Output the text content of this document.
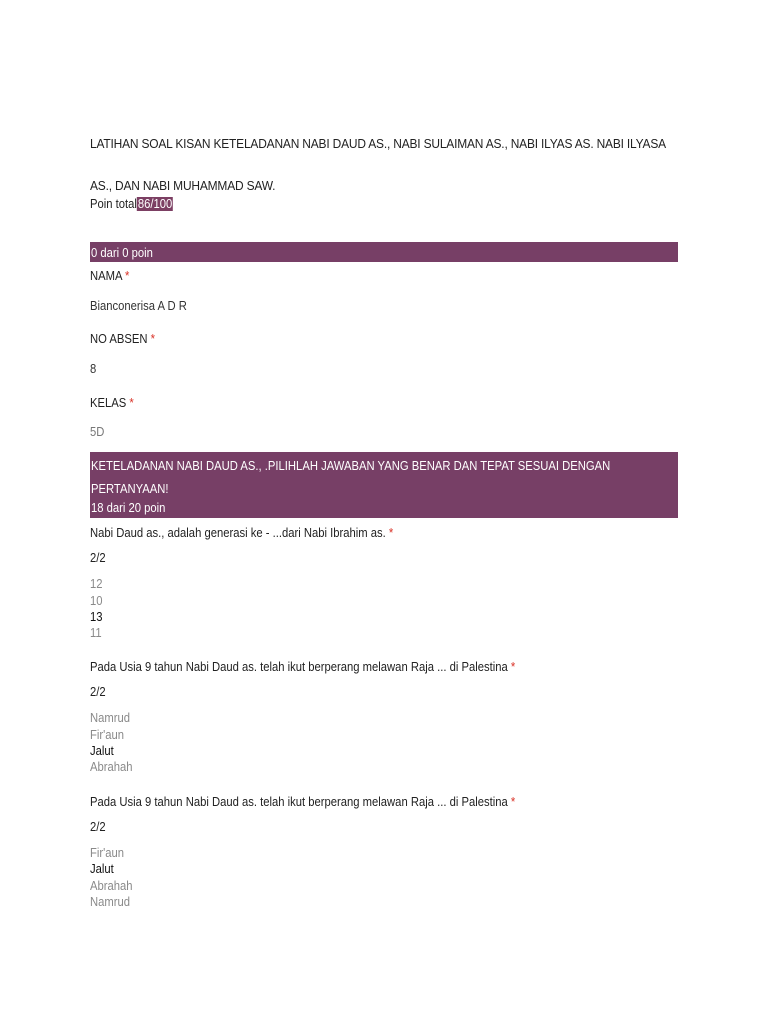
LATIHAN SOAL KISAN KETELADANAN NABI DAUD AS., NABI SULAIMAN AS., NABI ILYAS AS. NABI ILYASA
AS., DAN NABI MUHAMMAD SAW.
Poin total86/100
0 dari 0 poin
NAMA *
Bianconerisa A D R
NO ABSEN *
8
KELAS *
5D
KETELADANAN NABI DAUD AS., .PILIHLAH JAWABAN YANG BENAR DAN TEPAT SESUAI DENGAN
PERTANYAAN!
18 dari 20 poin
Nabi Daud as., adalah generasi ke - ...dari Nabi Ibrahim as. *
2/2
12
10
13
11
Pada Usia 9 tahun Nabi Daud as. telah ikut berperang melawan Raja ... di Palestina *
2/2
Namrud
Fir'aun
Jalut
Abrahah
Pada Usia 9 tahun Nabi Daud as. telah ikut berperang melawan Raja ... di Palestina *
2/2
Fir'aun
Jalut
Abrahah
Namrud
